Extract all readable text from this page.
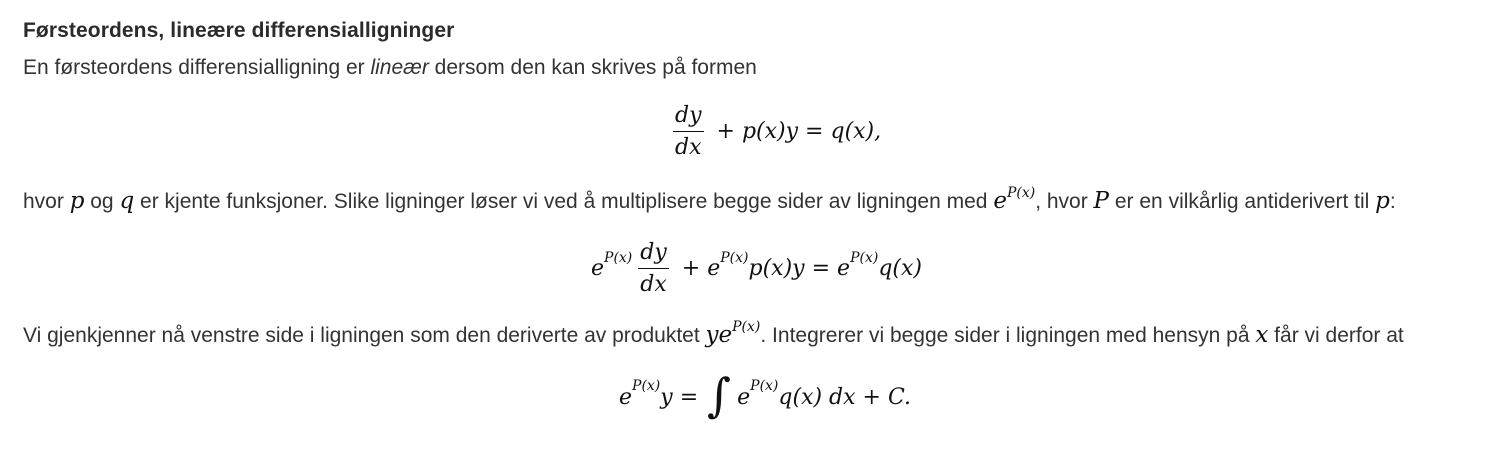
Førsteordens, lineære differensialligninger

En førsteordens differensialligning er lineær dersom den kan skrives på formen

$\frac{dy}{dx} + p(x)y = q(x)$,

hvor p og q er kjente funksjoner. Slike ligninger løser vi ved å multiplisere begge sider av ligningen med $e^{P(x)}$, hvor P er en vilkårlig antiderivert til p:

e $P(x) \frac{dy}{dx} + e$ P(x) p(x)y = e P(x) q(x)

Vi gjenkjenner nå venstre side i ligningen som den deriverte av produktet $ye^{P(x)}$. Integrerer vi begge sider i ligningen med hensyn på x får vi derfor at

e P(x) y = ∫ e P(x) q(x) dx + C.
